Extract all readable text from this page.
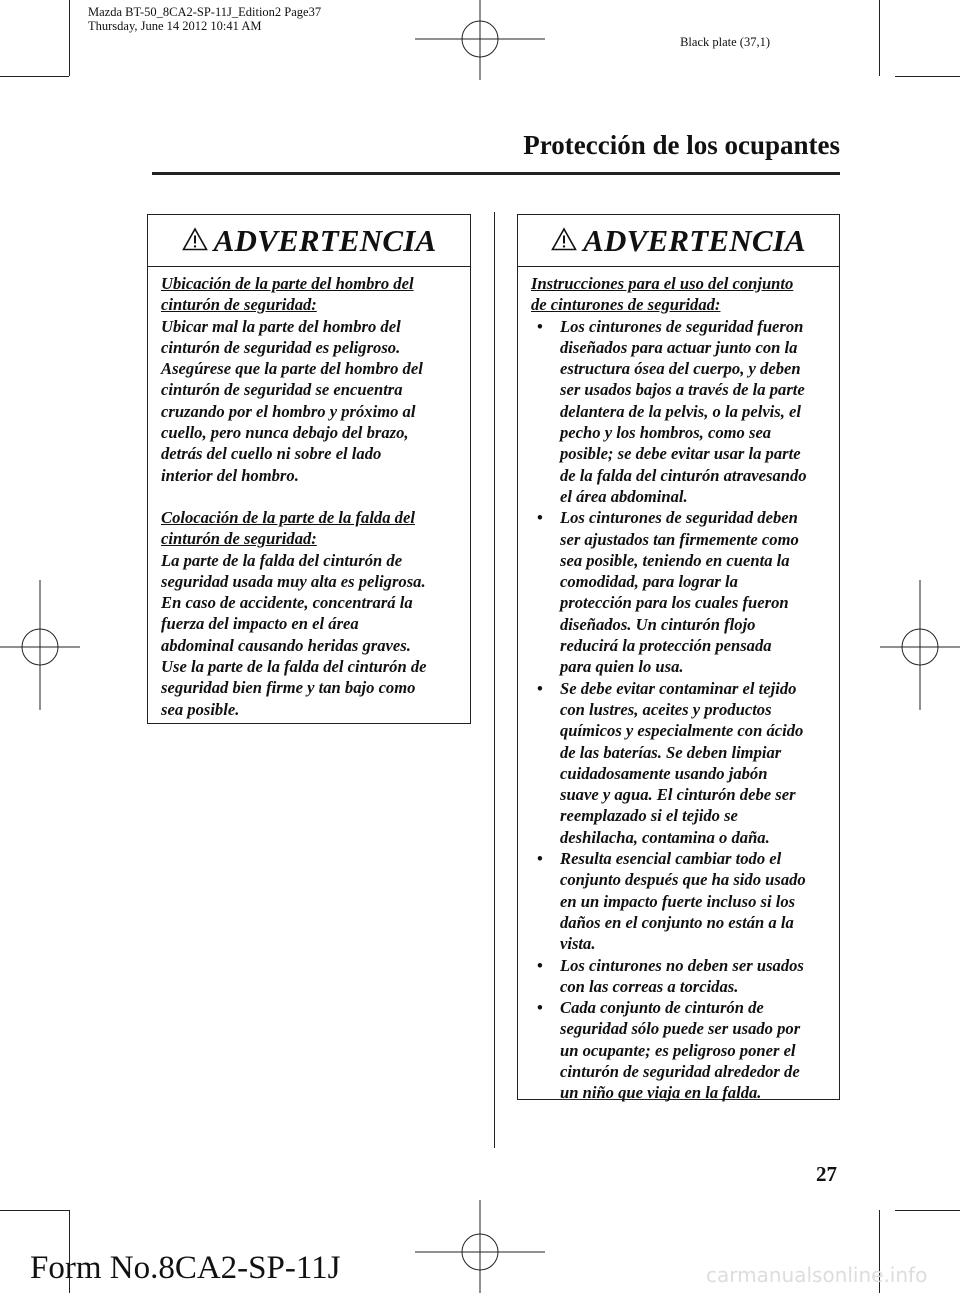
Mazda BT-50_8CA2-SP-11J_Edition2 Page37
Thursday, June 14 2012 10:41 AM
Black plate (37,1)
Protección de los ocupantes
ADVERTENCIA
Ubicación de la parte del hombro del
cinturón de seguridad:
Ubicar mal la parte del hombro del
cinturón de seguridad es peligroso.
Asegúrese que la parte del hombro del
cinturón de seguridad se encuentra
cruzando por el hombro y próximo al
cuello, pero nunca debajo del brazo,
detrás del cuello ni sobre el lado
interior del hombro.
Colocación de la parte de la falda del
cinturón de seguridad:
La parte de la falda del cinturón de
seguridad usada muy alta es peligrosa.
En caso de accidente, concentrará la
fuerza del impacto en el área
abdominal causando heridas graves.
Use la parte de la falda del cinturón de
seguridad bien firme y tan bajo como
sea posible.
ADVERTENCIA
Instrucciones para el uso del conjunto
de cinturones de seguridad:
• Los cinturones de seguridad fueron
diseñados para actuar junto con la
estructura ósea del cuerpo, y deben
ser usados bajos a través de la parte
delantera de la pelvis, o la pelvis, el
pecho y los hombros, como sea
posible; se debe evitar usar la parte
de la falda del cinturón atravesando
el área abdominal.
• Los cinturones de seguridad deben
ser ajustados tan firmemente como
sea posible, teniendo en cuenta la
comodidad, para lograr la
protección para los cuales fueron
diseñados. Un cinturón flojo
reducirá la protección pensada
para quien lo usa.
• Se debe evitar contaminar el tejido
con lustres, aceites y productos
químicos y especialmente con ácido
de las baterías. Se deben limpiar
cuidadosamente usando jabón
suave y agua. El cinturón debe ser
reemplazado si el tejido se
deshilacha, contamina o daña.
• Resulta esencial cambiar todo el
conjunto después que ha sido usado
en un impacto fuerte incluso si los
daños en el conjunto no están a la
vista.
• Los cinturones no deben ser usados
con las correas a torcidas.
• Cada conjunto de cinturón de
seguridad sólo puede ser usado por
un ocupante; es peligroso poner el
cinturón de seguridad alrededor de
un niño que viaja en la falda.
27
Form No.8CA2-SP-11J	carmanualsonline.info
